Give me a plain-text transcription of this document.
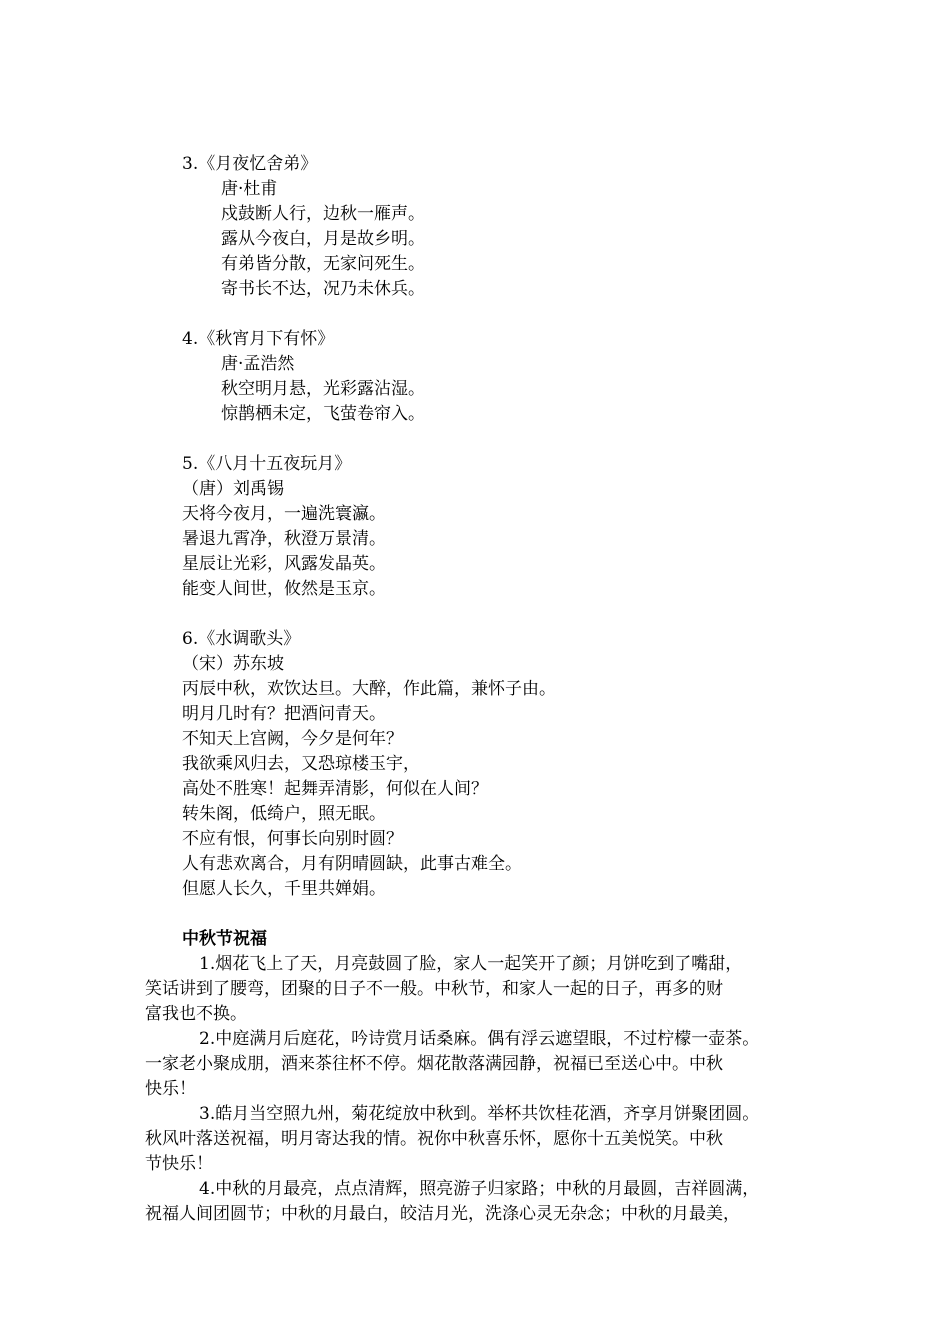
3.《月夜忆舍弟》
唐·杜甫
戍鼓断人行，边秋一雁声。
露从今夜白，月是故乡明。
有弟皆分散，无家问死生。
寄书长不达，况乃未休兵。
4.《秋宵月下有怀》
唐·孟浩然
秋空明月悬，光彩露沾湿。
惊鹊栖未定，飞萤卷帘入。
5.《八月十五夜玩月》
（唐）刘禹锡
天将今夜月，一遍洗寰瀛。
暑退九霄净，秋澄万景清。
星辰让光彩，风露发晶英。
能变人间世，攸然是玉京。
6.《水调歌头》
（宋）苏东坡
丙辰中秋，欢饮达旦。大醉，作此篇，兼怀子由。
明月几时有？把酒问青天。
不知天上宫阙，今夕是何年？
我欲乘风归去，又恐琼楼玉宇，
高处不胜寒！起舞弄清影，何似在人间？
转朱阁，低绮户，照无眠。
不应有恨，何事长向别时圆？
人有悲欢离合，月有阴晴圆缺，此事古难全。
但愿人长久，千里共婵娟。
中秋节祝福
1.烟花飞上了天，月亮鼓圆了脸，家人一起笑开了颜；月饼吃到了嘴甜，
笑话讲到了腰弯，团聚的日子不一般。中秋节，和家人一起的日子，再多的财
富我也不换。
2.中庭满月后庭花，吟诗赏月话桑麻。偶有浮云遮望眼，不过柠檬一壶茶。
一家老小聚成朋，酒来茶往杯不停。烟花散落满园静，祝福已至送心中。中秋
快乐！
3.皓月当空照九州，菊花绽放中秋到。举杯共饮桂花酒，齐享月饼聚团圆。
秋风叶落送祝福，明月寄达我的情。祝你中秋喜乐怀，愿你十五美悦笑。中秋
节快乐！
4.中秋的月最亮，点点清辉，照亮游子归家路；中秋的月最圆，吉祥圆满，
祝福人间团圆节；中秋的月最白，皎洁月光，洗涤心灵无杂念；中秋的月最美，
